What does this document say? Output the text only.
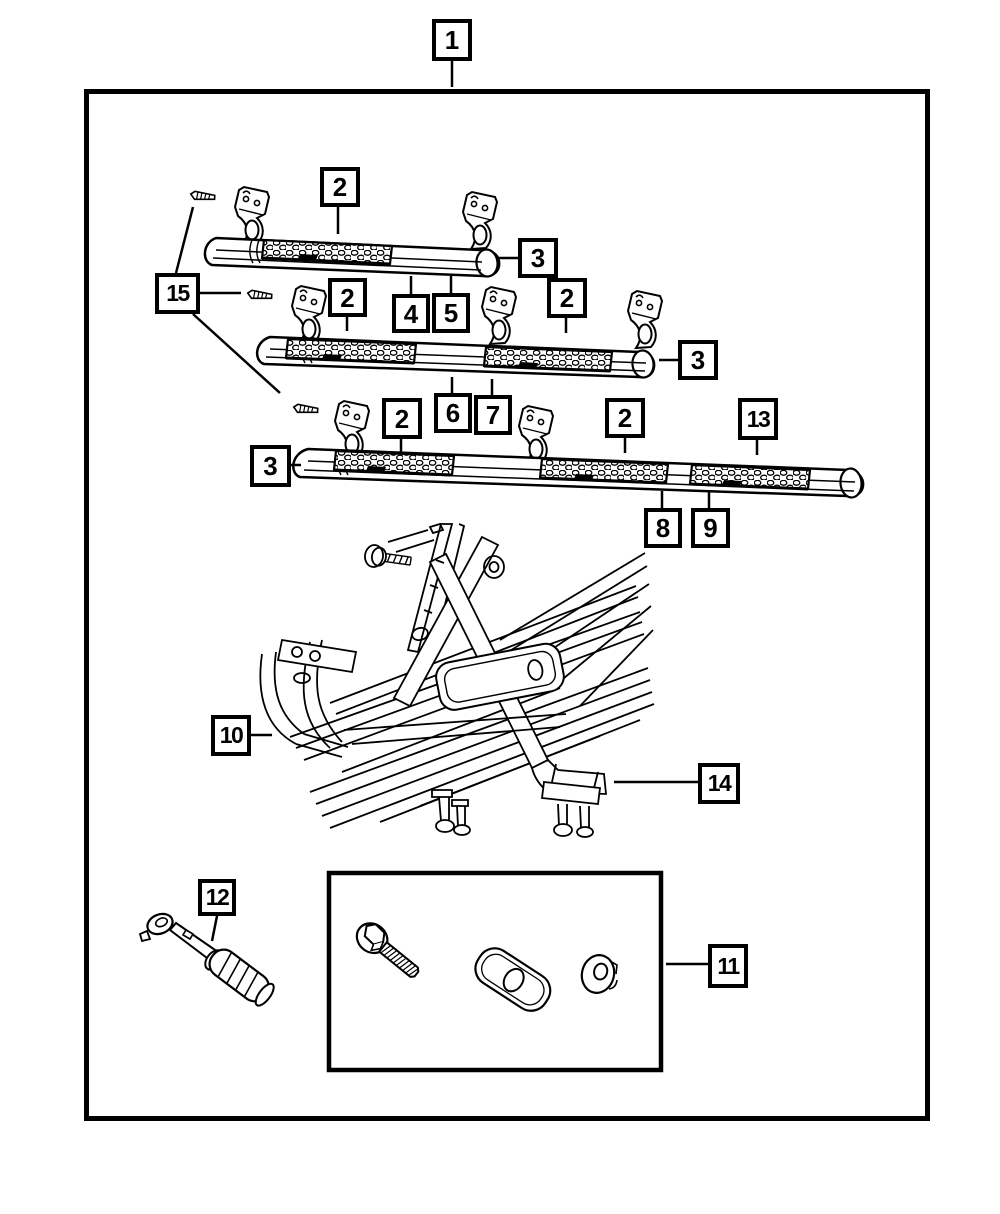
1
2
3
15	2
4 5	2
3
2	6 7	2	13
3
8	9
10
14
12
11
